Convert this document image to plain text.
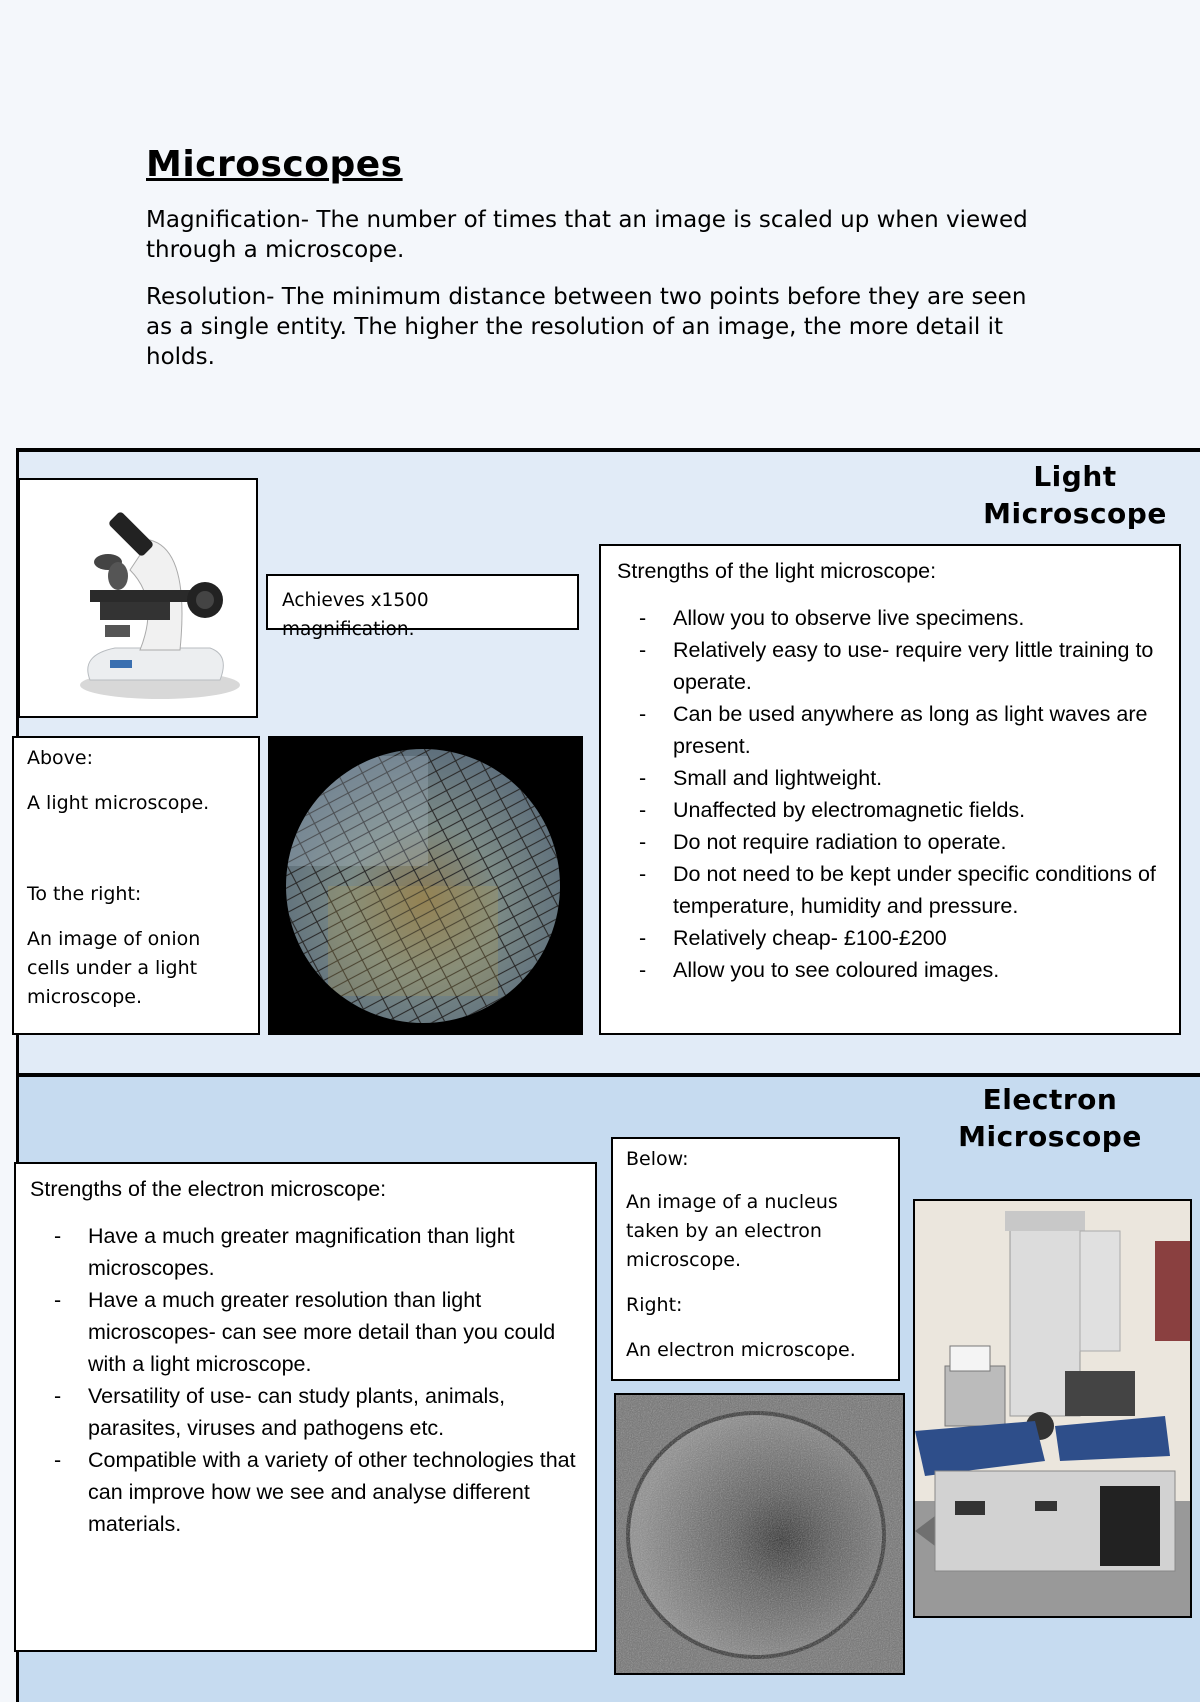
Microscopes
Magnification- The number of times that an image is scaled up when viewed through a microscope.
Resolution- The minimum distance between two points before they are seen as a single entity. The higher the resolution of an image, the more detail it holds.
Light
Microscope
Achieves x1500 magnification.
Above:
A light microscope.
To the right:
An image of onion cells under a light microscope.
Strengths of the light microscope:
- Allow you to observe live specimens.
- Relatively easy to use- require very little training to operate.
- Can be used anywhere as long as light waves are present.
- Small and lightweight.
- Unaffected by electromagnetic fields.
- Do not require radiation to operate.
- Do not need to be kept under specific conditions of temperature, humidity and pressure.
- Relatively cheap- £100-£200
- Allow you to see coloured images.
Electron
Microscope
Strengths of the electron microscope:
- Have a much greater magnification than light microscopes.
- Have a much greater resolution than light microscopes- can see more detail than you could with a light microscope.
- Versatility of use- can study plants, animals, parasites, viruses and pathogens etc.
- Compatible with a variety of other technologies that can improve how we see and analyse different materials.
Below:
An image of a nucleus taken by an electron microscope.
Right:
An electron microscope.
